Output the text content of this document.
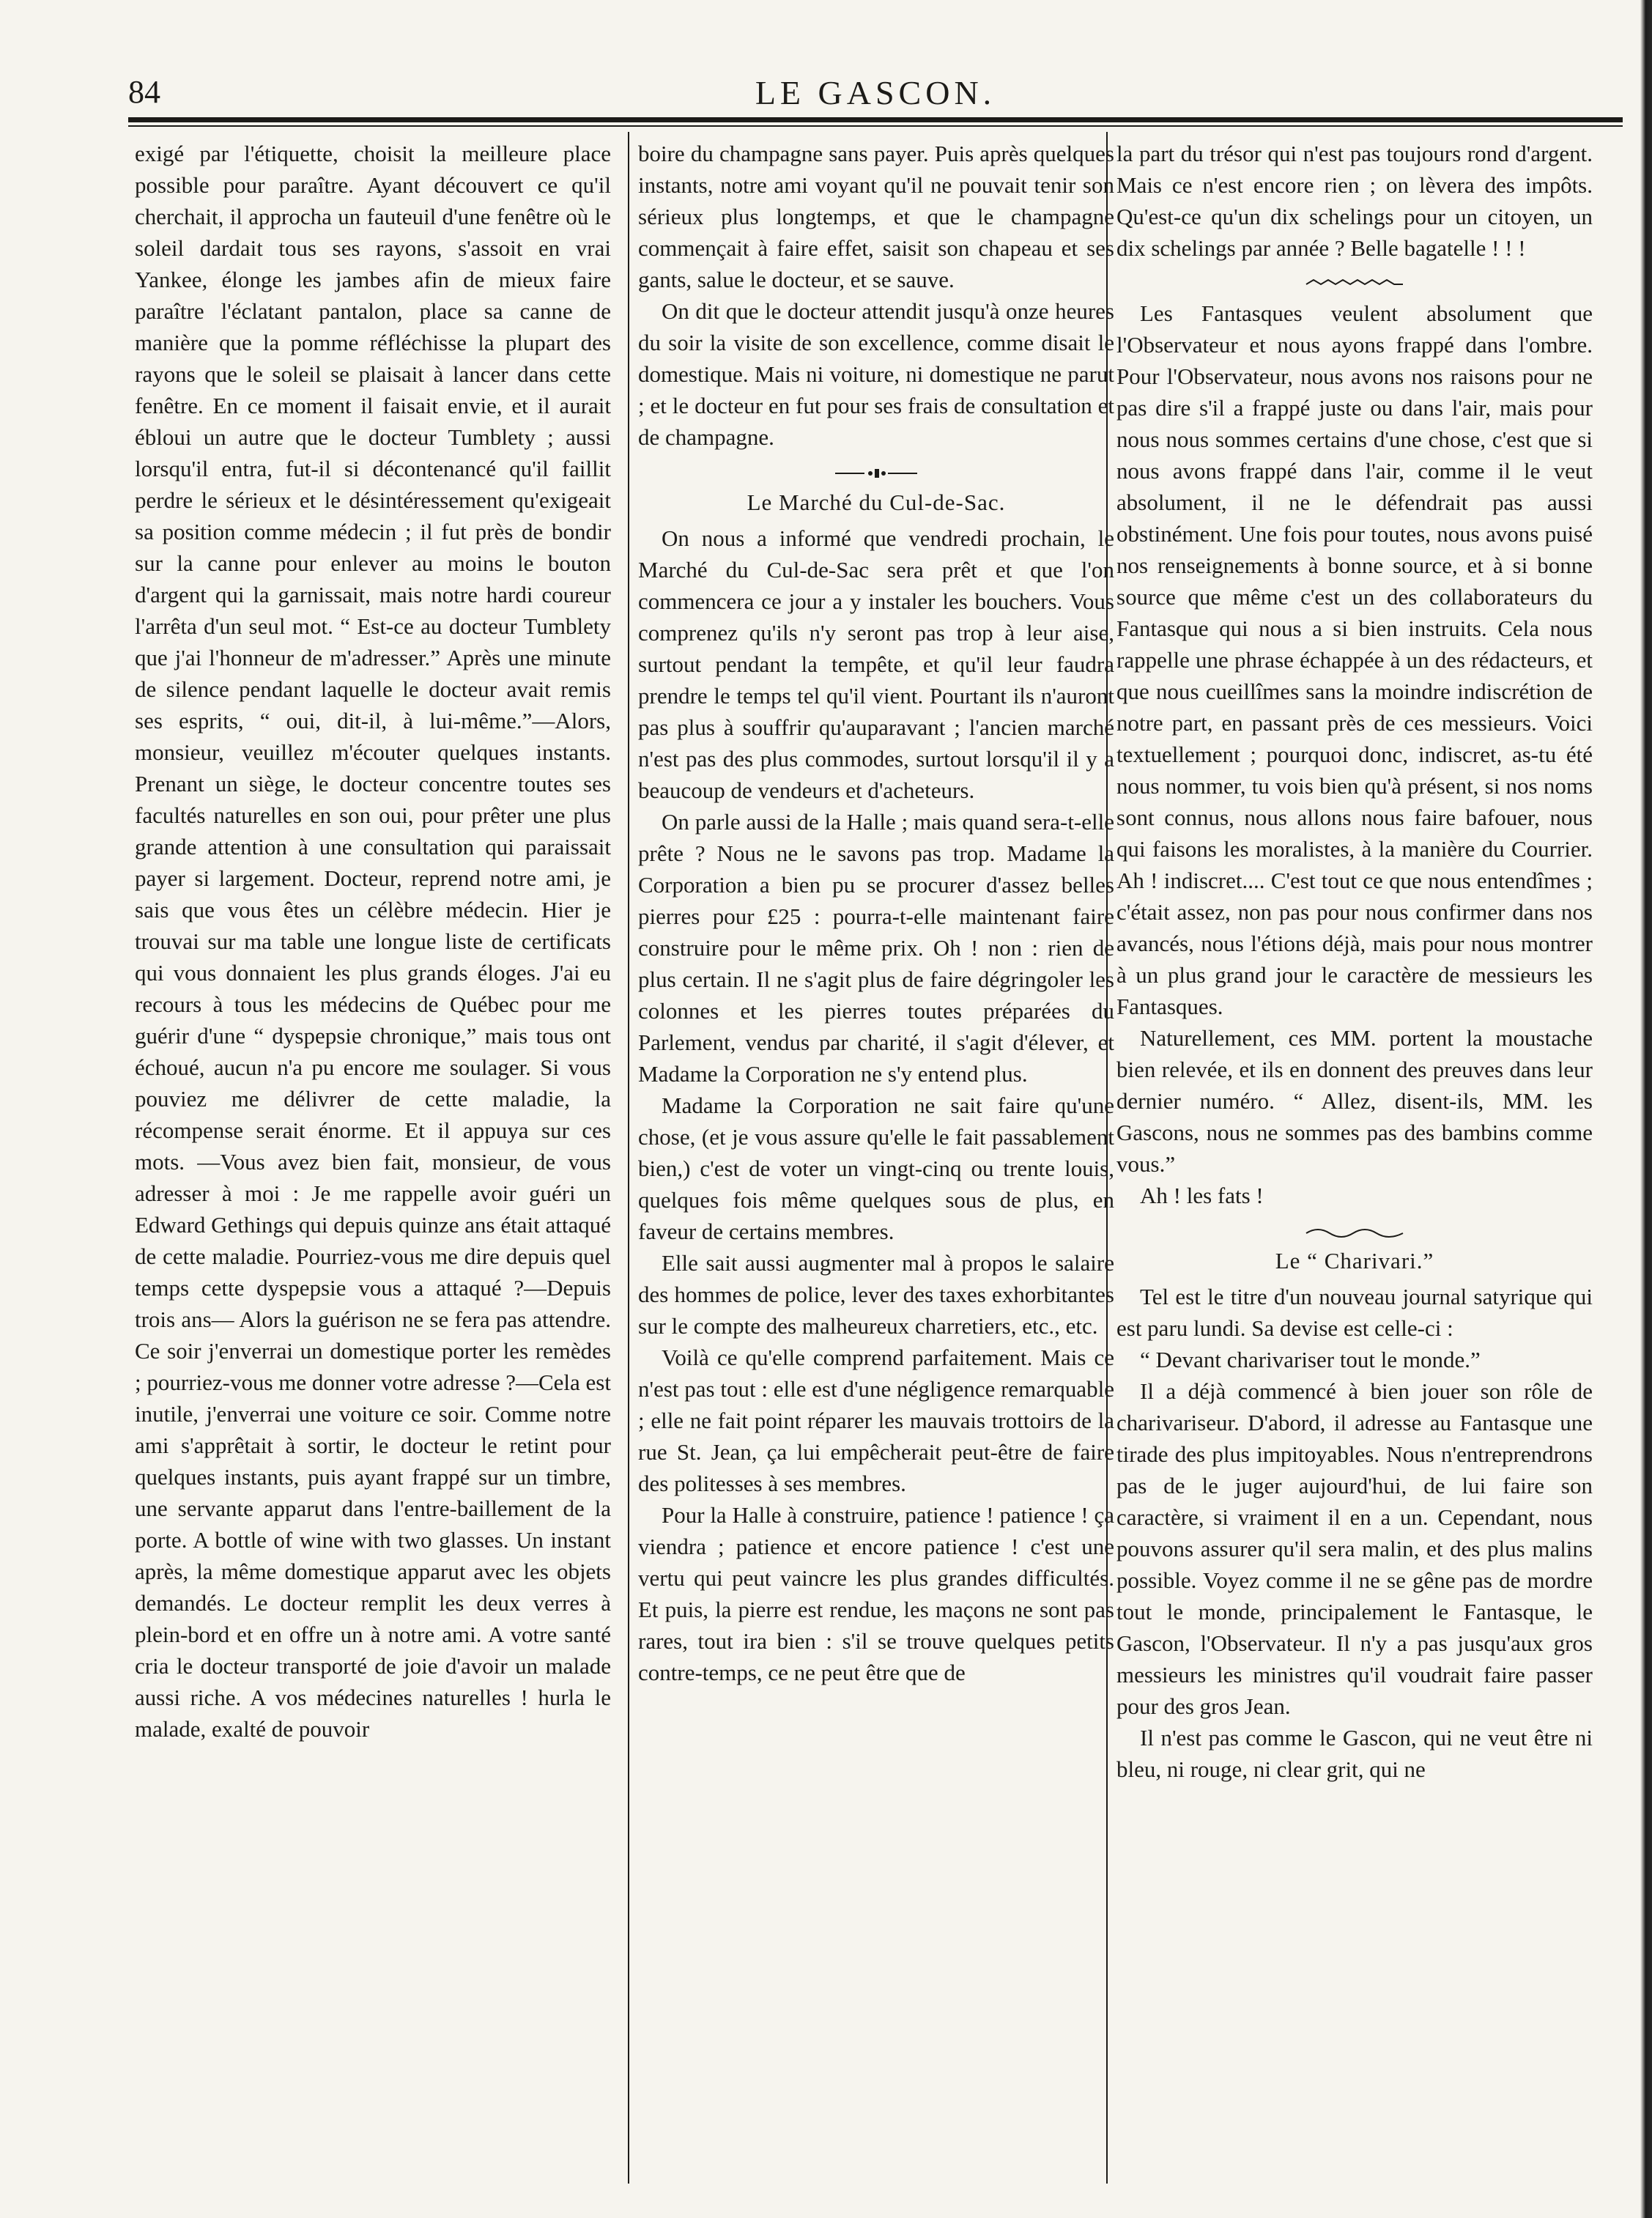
84	LE GASCON.

exigé par l'étiquette, choisit la meilleure place possible pour paraître. Ayant découvert ce qu'il cherchait, il approcha un fauteuil d'une fenêtre où le soleil dardait tous ses rayons, s'assoit en vrai Yankee, élonge les jambes afin de mieux faire paraître l'éclatant pantalon, place sa canne de manière que la pomme réfléchisse la plupart des rayons que le soleil se plaisait à lancer dans cette fenêtre. En ce moment il faisait envie, et il aurait ébloui un autre que le docteur Tumblety ; aussi lorsqu'il entra, fut-il si décontenancé qu'il faillit perdre le sérieux et le désintéressement qu'exigeait sa position comme médecin ; il fut près de bondir sur la canne pour enlever au moins le bouton d'argent qui la garnissait, mais notre hardi coureur l'arrêta d'un seul mot. “ Est-ce au docteur Tumblety que j'ai l'honneur de m'adresser.” Après une minute de silence pendant laquelle le docteur avait remis ses esprits, “ oui, dit-il, à lui-même.”—Alors, monsieur, veuillez m'écouter quelques instants. Prenant un siège, le docteur concentre toutes ses facultés naturelles en son oui, pour prêter une plus grande attention à une consultation qui paraissait payer si largement. Docteur, reprend notre ami, je sais que vous êtes un célèbre médecin. Hier je trouvai sur ma table une longue liste de certificats qui vous donnaient les plus grands éloges. J'ai eu recours à tous les médecins de Québec pour me guérir d'une “ dyspepsie chronique,” mais tous ont échoué, aucun n'a pu encore me soulager. Si vous pouviez me délivrer de cette maladie, la récompense serait énorme. Et il appuya sur ces mots. —Vous avez bien fait, monsieur, de vous adresser à moi : Je me rappelle avoir guéri un Edward Gethings qui depuis quinze ans était attaqué de cette maladie. Pourriez-vous me dire depuis quel temps cette dyspepsie vous a attaqué ?—Depuis trois ans— Alors la guérison ne se fera pas attendre. Ce soir j'enverrai un domestique porter les remèdes ; pourriez-vous me donner votre adresse ?—Cela est inutile, j'enverrai une voiture ce soir. Comme notre ami s'apprêtait à sortir, le docteur le retint pour quelques instants, puis ayant frappé sur un timbre, une servante apparut dans l'entre-baillement de la porte. A bottle of wine with two glasses. Un instant après, la même domestique apparut avec les objets demandés. Le docteur remplit les deux verres à plein-bord et en offre un à notre ami. A votre santé cria le docteur transporté de joie d'avoir un malade aussi riche. A vos médecines naturelles ! hurla le malade, exalté de pouvoir

boire du champagne sans payer. Puis après quelques instants, notre ami voyant qu'il ne pouvait tenir son sérieux plus longtemps, et que le champagne commençait à faire effet, saisit son chapeau et ses gants, salue le docteur, et se sauve.

On dit que le docteur attendit jusqu'à onze heures du soir la visite de son excellence, comme disait le domestique. Mais ni voiture, ni domestique ne parut ; et le docteur en fut pour ses frais de consultation et de champagne.

Le Marché du Cul-de-Sac.

On nous a informé que vendredi prochain, le Marché du Cul-de-Sac sera prêt et que l'on commencera ce jour a y instaler les bouchers. Vous comprenez qu'ils n'y seront pas trop à leur aise, surtout pendant la tempête, et qu'il leur faudra prendre le temps tel qu'il vient. Pourtant ils n'auront pas plus à souffrir qu'auparavant ; l'ancien marché n'est pas des plus commodes, surtout lorsqu'il il y a beaucoup de vendeurs et d'acheteurs.

On parle aussi de la Halle ; mais quand sera-t-elle prête ? Nous ne le savons pas trop. Madame la Corporation a bien pu se procurer d'assez belles pierres pour £25 : pourra-t-elle maintenant faire construire pour le même prix. Oh ! non : rien de plus certain. Il ne s'agit plus de faire dégringoler les colonnes et les pierres toutes préparées du Parlement, vendus par charité, il s'agit d'élever, et Madame la Corporation ne s'y entend plus.

Madame la Corporation ne sait faire qu'une chose, (et je vous assure qu'elle le fait passablement bien,) c'est de voter un vingt-cinq ou trente louis, quelques fois même quelques sous de plus, en faveur de certains membres.

Elle sait aussi augmenter mal à propos le salaire des hommes de police, lever des taxes exhorbitantes sur le compte des malheureux charretiers, etc., etc.

Voilà ce qu'elle comprend parfaitement. Mais ce n'est pas tout : elle est d'une négligence remarquable ; elle ne fait point réparer les mauvais trottoirs de la rue St. Jean, ça lui empêcherait peut-être de faire des politesses à ses membres.

Pour la Halle à construire, patience ! patience ! ça viendra ; patience et encore patience ! c'est une vertu qui peut vaincre les plus grandes difficultés. Et puis, la pierre est rendue, les maçons ne sont pas rares, tout ira bien : s'il se trouve quelques petits contre-temps, ce ne peut être que de

la part du trésor qui n'est pas toujours rond d'argent. Mais ce n'est encore rien ; on lèvera des impôts. Qu'est-ce qu'un dix schelings pour un citoyen, un dix schelings par année ? Belle bagatelle ! ! !

Les Fantasques veulent absolument que l'Observateur et nous ayons frappé dans l'ombre. Pour l'Observateur, nous avons nos raisons pour ne pas dire s'il a frappé juste ou dans l'air, mais pour nous nous sommes certains d'une chose, c'est que si nous avons frappé dans l'air, comme il le veut absolument, il ne le défendrait pas aussi obstinément. Une fois pour toutes, nous avons puisé nos renseignements à bonne source, et à si bonne source que même c'est un des collaborateurs du Fantasque qui nous a si bien instruits. Cela nous rappelle une phrase échappée à un des rédacteurs, et que nous cueillîmes sans la moindre indiscrétion de notre part, en passant près de ces messieurs. Voici textuellement ; pourquoi donc, indiscret, as-tu été nous nommer, tu vois bien qu'à présent, si nos noms sont connus, nous allons nous faire bafouer, nous qui faisons les moralistes, à la manière du Courrier. Ah ! indiscret.... C'est tout ce que nous entendîmes ; c'était assez, non pas pour nous confirmer dans nos avancés, nous l'étions déjà, mais pour nous montrer à un plus grand jour le caractère de messieurs les Fantasques.

Naturellement, ces MM. portent la moustache bien relevée, et ils en donnent des preuves dans leur dernier numéro. “ Allez, disent-ils, MM. les Gascons, nous ne sommes pas des bambins comme vous.”

Ah ! les fats !

Le “ Charivari.”

Tel est le titre d'un nouveau journal satyrique qui est paru lundi. Sa devise est celle-ci :

“ Devant charivariser tout le monde.”

Il a déjà commencé à bien jouer son rôle de charivariseur. D'abord, il adresse au Fantasque une tirade des plus impitoyables. Nous n'entreprendrons pas de le juger aujourd'hui, de lui faire son caractère, si vraiment il en a un. Cependant, nous pouvons assurer qu'il sera malin, et des plus malins possible. Voyez comme il ne se gêne pas de mordre tout le monde, principalement le Fantasque, le Gascon, l'Observateur. Il n'y a pas jusqu'aux gros messieurs les ministres qu'il voudrait faire passer pour des gros Jean.

Il n'est pas comme le Gascon, qui ne veut être ni bleu, ni rouge, ni clear grit, qui ne
